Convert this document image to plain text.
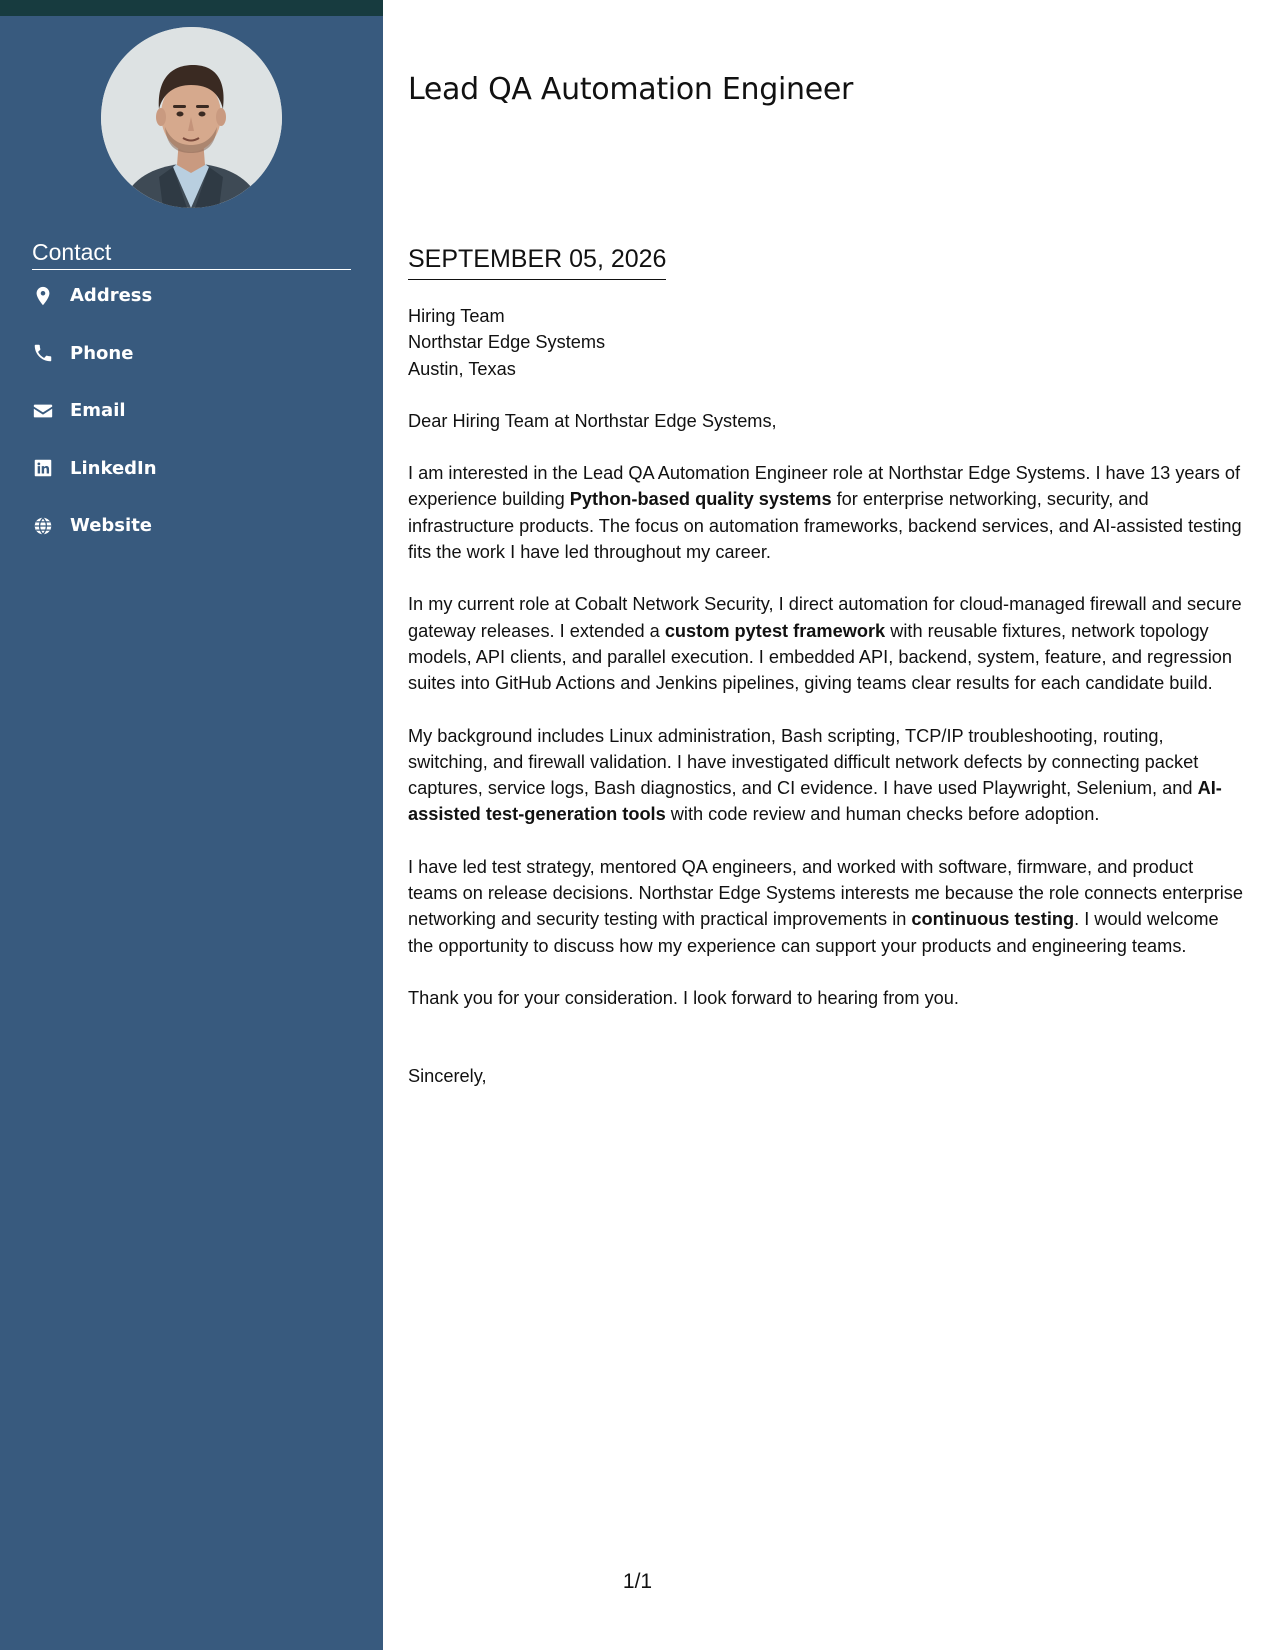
Contact
Address
Phone
Email
LinkedIn
Website
Lead QA Automation Engineer
SEPTEMBER 05, 2026

Hiring Team
Northstar Edge Systems
Austin, Texas

Dear Hiring Team at Northstar Edge Systems,

I am interested in the Lead QA Automation Engineer role at Northstar Edge Systems. I have 13 years of experience building Python-based quality systems for enterprise networking, security, and infrastructure products. The focus on automation frameworks, backend services, and AI-assisted testing fits the work I have led throughout my career.

In my current role at Cobalt Network Security, I direct automation for cloud-managed firewall and secure gateway releases. I extended a custom pytest framework with reusable fixtures, network topology models, API clients, and parallel execution. I embedded API, backend, system, feature, and regression suites into GitHub Actions and Jenkins pipelines, giving teams clear results for each candidate build.

My background includes Linux administration, Bash scripting, TCP/IP troubleshooting, routing, switching, and firewall validation. I have investigated difficult network defects by connecting packet captures, service logs, Bash diagnostics, and CI evidence. I have used Playwright, Selenium, and AI-assisted test-generation tools with code review and human checks before adoption.

I have led test strategy, mentored QA engineers, and worked with software, firmware, and product teams on release decisions. Northstar Edge Systems interests me because the role connects enterprise networking and security testing with practical improvements in continuous testing. I would welcome the opportunity to discuss how my experience can support your products and engineering teams.

Thank you for your consideration. I look forward to hearing from you.

Sincerely,

1/1
